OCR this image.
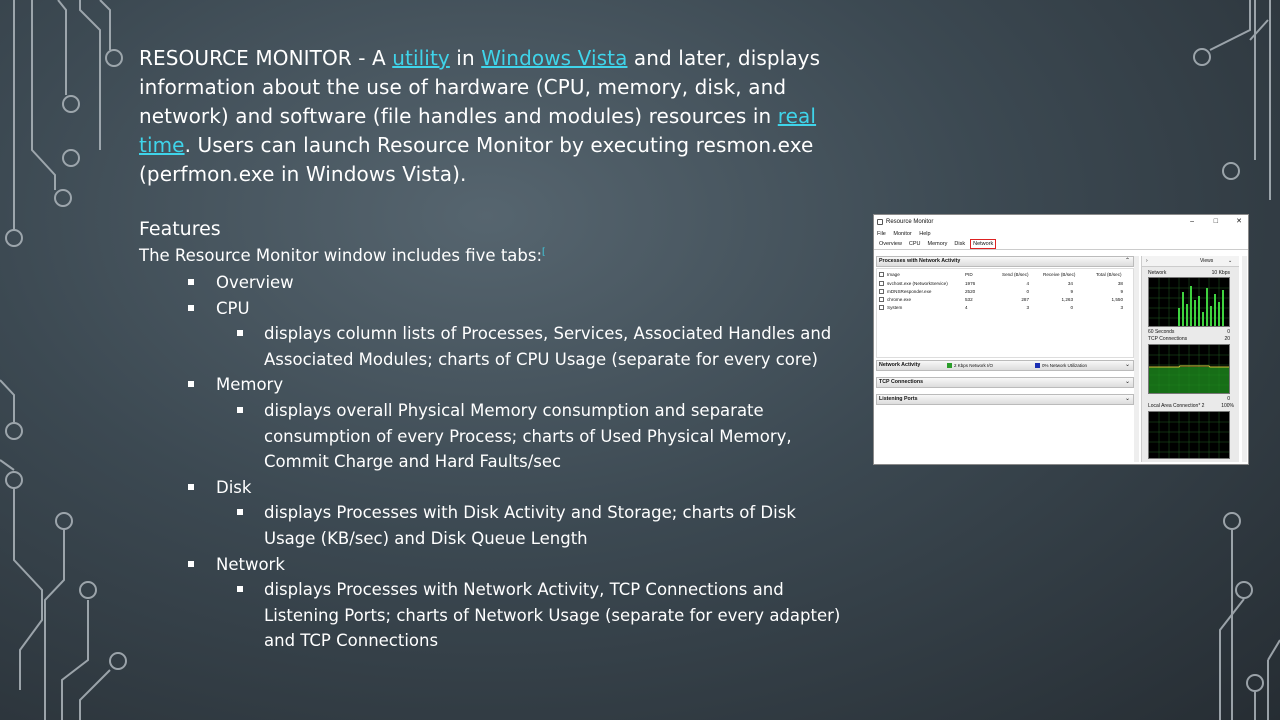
RESOURCE MONITOR - A utility in Windows Vista and later, displays information about the use of hardware (CPU, memory, disk, and network) and software (file handles and modules) resources in real time. Users can launch Resource Monitor by executing resmon.exe (perfmon.exe in Windows Vista).

Features

The Resource Monitor window includes five tabs:[

Overview
CPU
displays column lists of Processes, Services, Associated Handles and Associated Modules; charts of CPU Usage (separate for every core)
Memory
displays overall Physical Memory consumption and separate consumption of every Process; charts of Used Physical Memory, Commit Charge and Hard Faults/sec
Disk
displays Processes with Disk Activity and Storage; charts of Disk Usage (KB/sec) and Disk Queue Length
Network
displays Processes with Network Activity, TCP Connections and Listening Ports; charts of Network Usage (separate for every adapter) and TCP Connections
Resource Monitor	–	□	✕
File Monitor Help
Overview CPU Memory Disk Network
Processes with Network Activity	⌃
Image	PID	Send (B/sec)	Receive (B/sec)	Total (B/sec)
svchost.exe (NetworkService)	1976	4	34	38
mDNSResponder.exe	2520	0	9	9
chrome.exe	532	287	1,263	1,550
System	4	3	0	3
Network Activity	2 Kbps Network I/O	0% Network Utilization	⌄
TCP Connections	⌄
Listening Ports	⌄
›	Views	⌄
Network	10 Kbps
60 Seconds	0
TCP Connections	20
0
Local Area Connection* 2	100%
